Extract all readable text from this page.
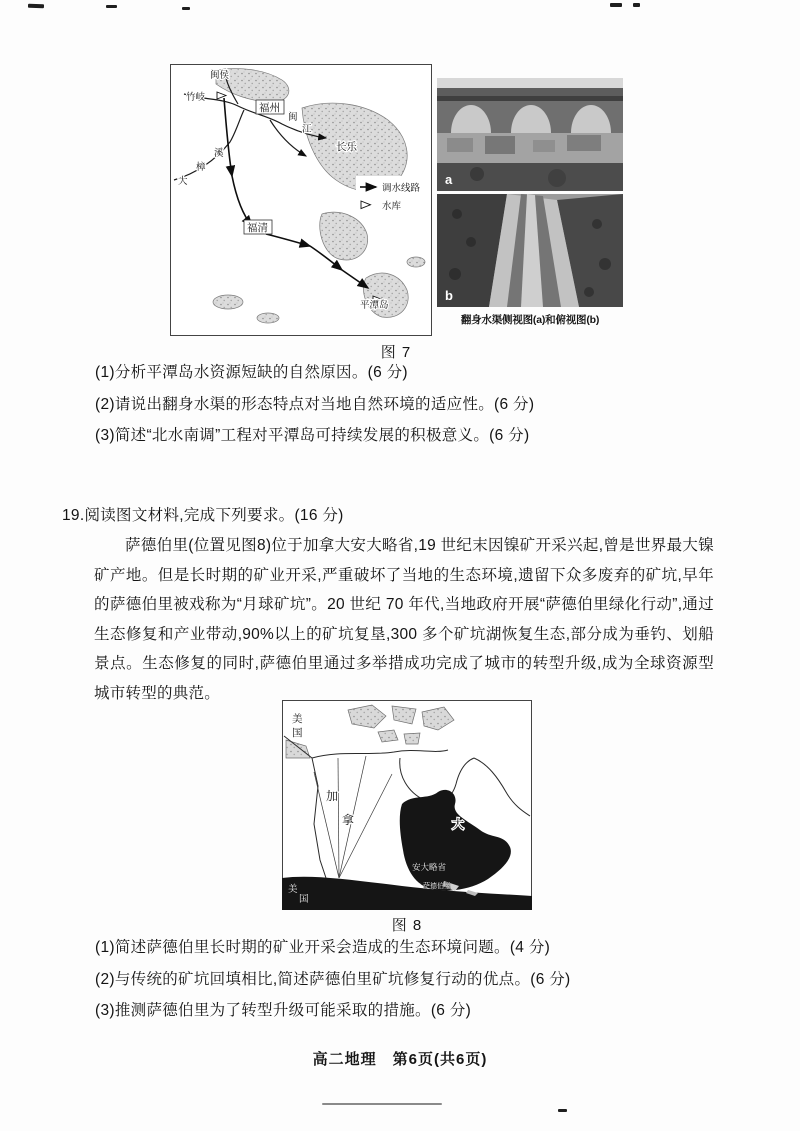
闽侯
竹岐
福州
闽
江
大
樟
溪
长乐
福清
平潭岛
调水线路
水库
a
b
翻身水渠侧视图(a)和俯视图(b)
图 7

(1)分析平潭岛水资源短缺的自然原因。(6 分)

(2)请说出翻身水渠的形态特点对当地自然环境的适应性。(6 分)

(3)简述“北水南调”工程对平潭岛可持续发展的积极意义。(6 分)

19.阅读图文材料,完成下列要求。(16 分)
萨德伯里(位置见图8)位于加拿大安大略省,19 世纪末因镍矿开采兴起,曾是世界最大镍矿产地。但是长时期的矿业开采,严重破坏了当地的生态环境,遗留下众多废弃的矿坑,早年的萨德伯里被戏称为“月球矿坑”。20 世纪 70 年代,当地政府开展“萨德伯里绿化行动”,通过生态修复和产业带动,90%以上的矿坑复垦,300 多个矿坑湖恢复生态,部分成为垂钓、划船景点。生态修复的同时,萨德伯里通过多举措成功完成了城市的转型升级,成为全球资源型城市转型的典范。
美
国
加
拿	大
安大略省
萨德伯里
美
国
图 8

(1)简述萨德伯里长时期的矿业开采会造成的生态环境问题。(4 分)

(2)与传统的矿坑回填相比,简述萨德伯里矿坑修复行动的优点。(6 分)

(3)推测萨德伯里为了转型升级可能采取的措施。(6 分)

高二地理　第6页(共6页)
